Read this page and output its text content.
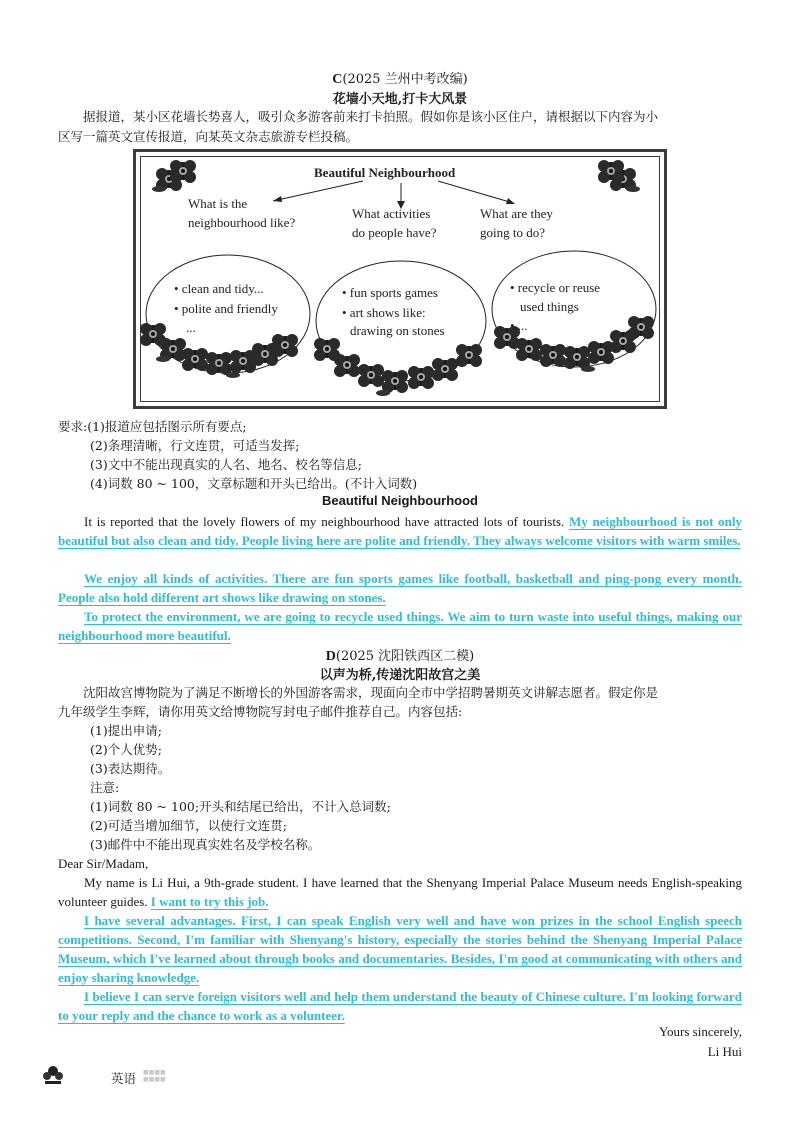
C(2025 兰州中考改编)
花墙小天地,打卡大风景
据报道，某小区花墙长势喜人，吸引众多游客前来打卡拍照。假如你是该小区住户，请根据以下内容为小
区写一篇英文宣传报道，向某英文杂志旅游专栏投稿。
Beautiful Neighbourhood
What is the
neighbourhood like?
What activities
do people have?
What are they
going to do?
• clean and tidy...
• polite and friendly
...
• fun sports games
• art shows like:
drawing on stones
• recycle or reuse
used things
• ...
要求:(1)报道应包括图示所有要点;
(2)条理清晰，行文连贯，可适当发挥;
(3)文中不能出现真实的人名、地名、校名等信息;
(4)词数 80 ~ 100，文章标题和开头已给出。(不计入词数)
Beautiful Neighbourhood
It is reported that the lovely flowers of my neighbourhood have attracted lots of tourists. My neighbourhood is not only beautiful but also clean and tidy. People living here are polite and friendly. They always welcome visitors with warm smiles.
We enjoy all kinds of activities. There are fun sports games like football, basketball and ping-pong every month. People also hold different art shows like drawing on stones.
To protect the environment, we are going to recycle used things. We aim to turn waste into useful things, making our neighbourhood more beautiful.
D(2025 沈阳铁西区二模)
以声为桥,传递沈阳故宫之美
沈阳故宫博物院为了满足不断增长的外国游客需求，现面向全市中学招聘暑期英文讲解志愿者。假定你是
九年级学生李辉，请你用英文给博物院写封电子邮件推荐自己。内容包括:
(1)提出申请;
(2)个人优势;
(3)表达期待。
注意:
(1)词数 80 ~ 100;开头和结尾已给出，不计入总词数;
(2)可适当增加细节，以使行文连贯;
(3)邮件中不能出现真实姓名及学校名称。
Dear Sir/Madam,
My name is Li Hui, a 9th-grade student. I have learned that the Shenyang Imperial Palace Museum needs English-speaking volunteer guides. I want to try this job.
I have several advantages. First, I can speak English very well and have won prizes in the school English speech competitions. Second, I'm familiar with Shenyang's history, especially the stories behind the Shenyang Imperial Palace Museum, which I've learned about through books and documentaries. Besides, I'm good at communicating with others and enjoy sharing knowledge.
I believe I can serve foreign visitors well and help them understand the beauty of Chinese culture. I'm looking forward to your reply and the chance to work as a volunteer.
Yours sincerely,
Li Hui
英语 ■■■■
■■■■
